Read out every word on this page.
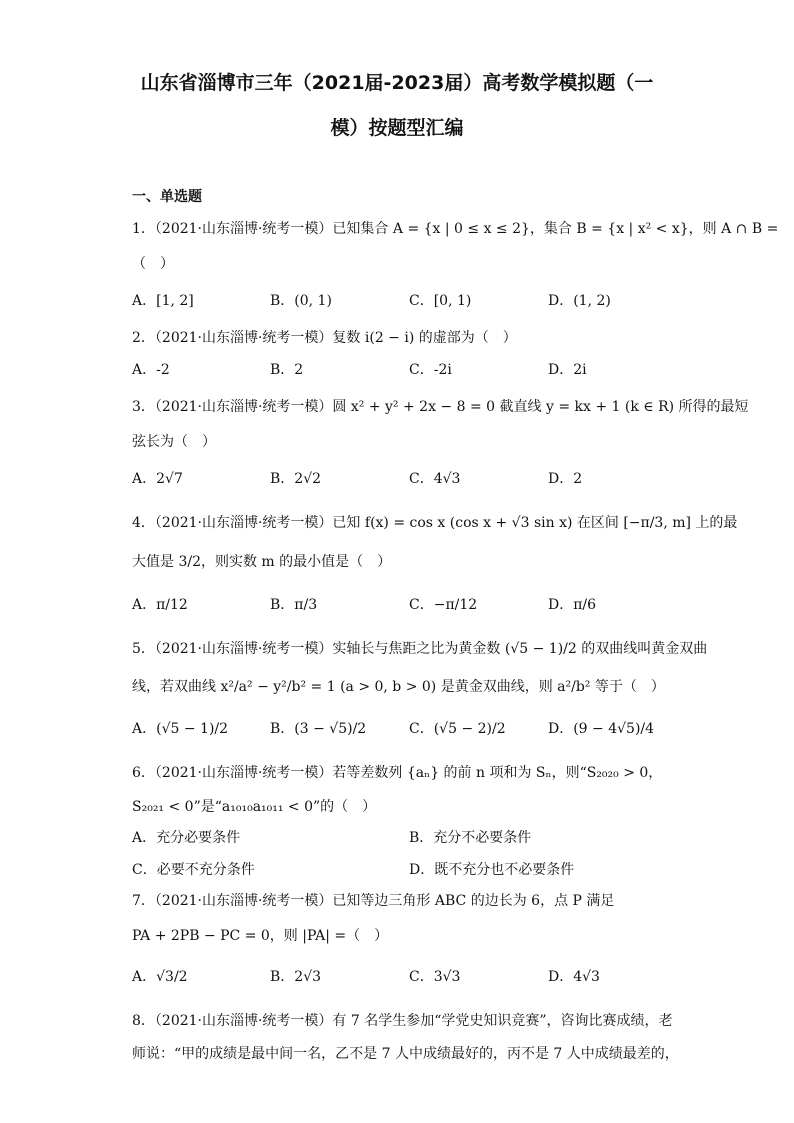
山东省淄博市三年（2021届-2023届）高考数学模拟题（一
模）按题型汇编
一、单选题
1．（2021·山东淄博·统考一模）已知集合 A = {x | 0 ≤ x ≤ 2}，集合 B = {x | x² < x}，则 A ∩ B =
（　）
A．[1, 2]	B．(0, 1)	C．[0, 1)	D．(1, 2)
2．（2021·山东淄博·统考一模）复数 i(2 − i) 的虚部为（　）
A．-2	B．2	C．-2i	D．2i
3．（2021·山东淄博·统考一模）圆 x² + y² + 2x − 8 = 0 截直线 y = kx + 1 (k ∈ R) 所得的最短
弦长为（　）
A．2√7	B．2√2	C．4√3	D．2
4．（2021·山东淄博·统考一模）已知 f(x) = cos x (cos x + √3 sin x) 在区间 [−π/3, m] 上的最
大值是 3/2，则实数 m 的最小值是（　）
A．π/12	B．π/3	C．−π/12	D．π/6
5．（2021·山东淄博·统考一模）实轴长与焦距之比为黄金数 (√5 − 1)/2 的双曲线叫黄金双曲
线，若双曲线 x²/a² − y²/b² = 1 (a > 0, b > 0) 是黄金双曲线，则 a²/b² 等于（　）
A．(√5 − 1)/2	B．(3 − √5)/2	C．(√5 − 2)/2	D．(9 − 4√5)/4
6．（2021·山东淄博·统考一模）若等差数列 {aₙ} 的前 n 项和为 Sₙ，则“S₂₀₂₀ > 0，
S₂₀₂₁ < 0”是“a₁₀₁₀a₁₀₁₁ < 0”的（　）
A．充分必要条件	B．充分不必要条件
C．必要不充分条件	D．既不充分也不必要条件
7．（2021·山东淄博·统考一模）已知等边三角形 ABC 的边长为 6，点 P 满足
PA + 2PB − PC = 0，则 |PA| =（　）
A．√3/2	B．2√3	C．3√3	D．4√3
8．（2021·山东淄博·统考一模）有 7 名学生参加“学党史知识竞赛”，咨询比赛成绩，老
师说：“甲的成绩是最中间一名，乙不是 7 人中成绩最好的，丙不是 7 人中成绩最差的，
